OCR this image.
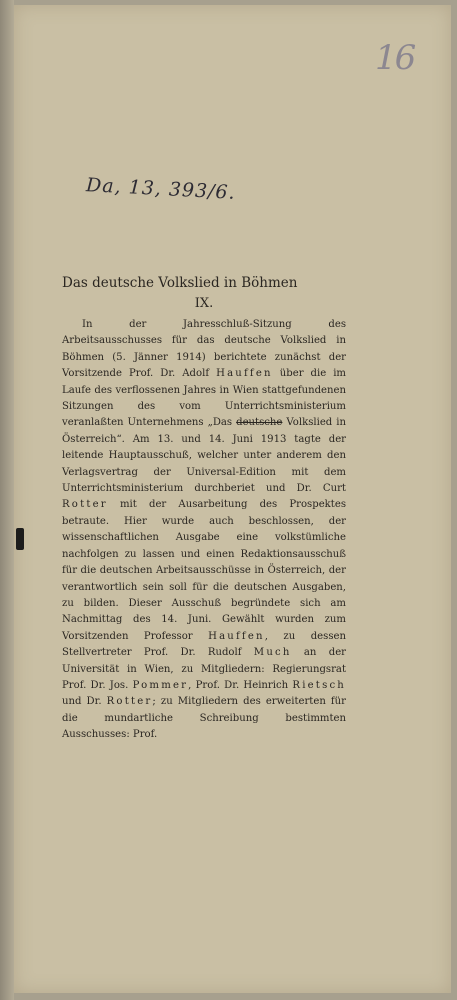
16
Da, 13, 393/6.

Das deutsche Volkslied in Böhmen

IX.

In der Jahresschluß-Sitzung des Arbeitsausschusses für das deutsche Volkslied in Böhmen (5. Jänner 1914) berichtete zunächst der Vorsitzende Prof. Dr. Adolf Hauffen über die im Laufe des verflossenen Jahres in Wien stattgefundenen Sitzungen des vom Unterrichtsministerium veranlaßten Unternehmens „Das deutsche Volkslied in Österreich“. Am 13. und 14. Juni 1913 tagte der leitende Hauptausschuß, welcher unter anderem den Verlagsvertrag der Universal-Edition mit dem Unterrichtsministerium durchberiet und Dr. Curt Rotter mit der Ausarbeitung des Prospektes betraute. Hier wurde auch beschlossen, der wissenschaftlichen Ausgabe eine volkstümliche nachfolgen zu lassen und einen Redaktionsausschuß für die deutschen Arbeitsausschüsse in Österreich, der verantwortlich sein soll für die deutschen Ausgaben, zu bilden. Dieser Ausschuß begründete sich am Nachmittag des 14. Juni. Gewählt wurden zum Vorsitzenden Professor Hauffen, zu dessen Stellvertreter Prof. Dr. Rudolf Much an der Universität in Wien, zu Mitgliedern: Regierungsrat Prof. Dr. Jos. Pommer, Prof. Dr. Heinrich Rietsch und Dr. Rotter; zu Mitgliedern des erweiterten für die mundartliche Schreibung bestimmten Ausschusses: Prof.
